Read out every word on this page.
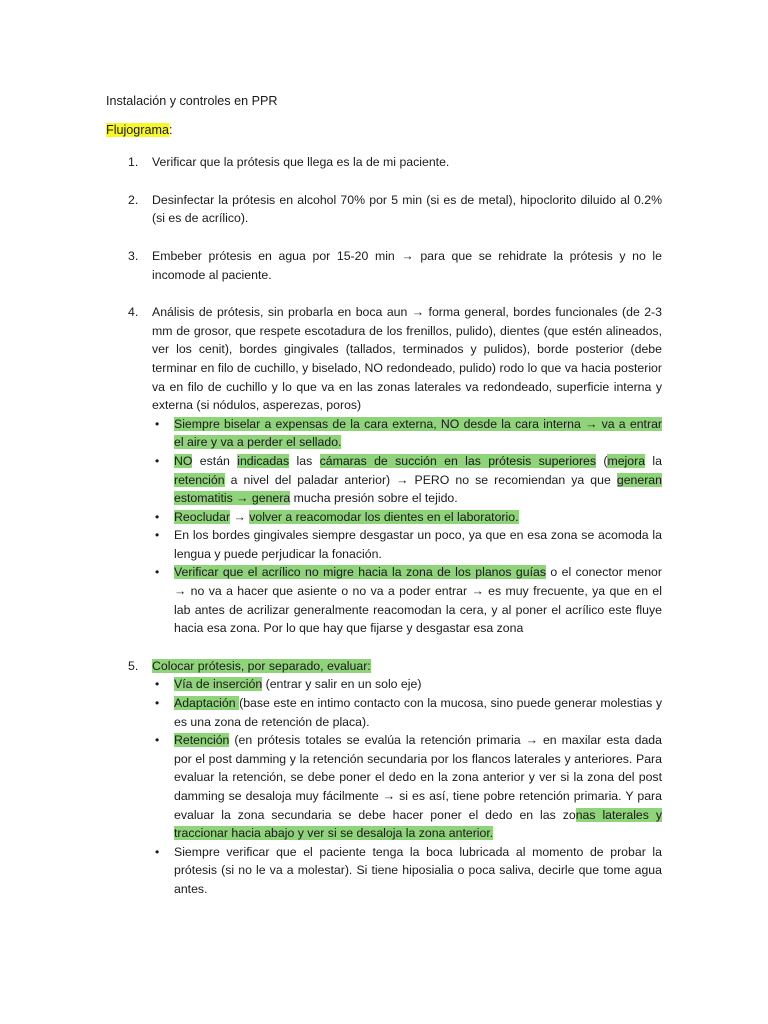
Instalación y controles en PPR
Flujograma:
1. Verificar que la prótesis que llega es la de mi paciente.
2. Desinfectar la prótesis en alcohol 70% por 5 min (si es de metal), hipoclorito diluido al 0.2% (si es de acrílico).
3. Embeber prótesis en agua por 15-20 min → para que se rehidrate la prótesis y no le incomode al paciente.
4. Análisis de prótesis, sin probarla en boca aun → forma general, bordes funcionales (de 2-3 mm de grosor, que respete escotadura de los frenillos, pulido), dientes (que estén alineados, ver los cenit), bordes gingivales (tallados, terminados y pulidos), borde posterior (debe terminar en filo de cuchillo, y biselado, NO redondeado, pulido) rodo lo que va hacia posterior va en filo de cuchillo y lo que va en las zonas laterales va redondeado, superficie interna y externa (si nódulos, asperezas, poros)
• Siempre biselar a expensas de la cara externa, NO desde la cara interna → va a entrar el aire y va a perder el sellado.
• NO están indicadas las cámaras de succión en las prótesis superiores (mejora la retención a nivel del paladar anterior) → PERO no se recomiendan ya que generan estomatitis → genera mucha presión sobre el tejido.
• Reocludar → volver a reacomodar los dientes en el laboratorio.
• En los bordes gingivales siempre desgastar un poco, ya que en esa zona se acomoda la lengua y puede perjudicar la fonación.
• Verificar que el acrílico no migre hacia la zona de los planos guías o el conector menor → no va a hacer que asiente o no va a poder entrar → es muy frecuente, ya que en el lab antes de acrilizar generalmente reacomodan la cera, y al poner el acrílico este fluye hacia esa zona. Por lo que hay que fijarse y desgastar esa zona
5. Colocar prótesis, por separado, evaluar:
• Vía de inserción (entrar y salir en un solo eje)
• Adaptación (base este en intimo contacto con la mucosa, sino puede generar molestias y es una zona de retención de placa).
• Retención (en prótesis totales se evalúa la retención primaria → en maxilar esta dada por el post damming y la retención secundaria por los flancos laterales y anteriores. Para evaluar la retención, se debe poner el dedo en la zona anterior y ver si la zona del post damming se desaloja muy fácilmente → si es así, tiene pobre retención primaria. Y para evaluar la zona secundaria se debe hacer poner el dedo en las zonas laterales y traccionar hacia abajo y ver si se desaloja la zona anterior.
• Siempre verificar que el paciente tenga la boca lubricada al momento de probar la prótesis (si no le va a molestar). Si tiene hiposialia o poca saliva, decirle que tome agua antes.
